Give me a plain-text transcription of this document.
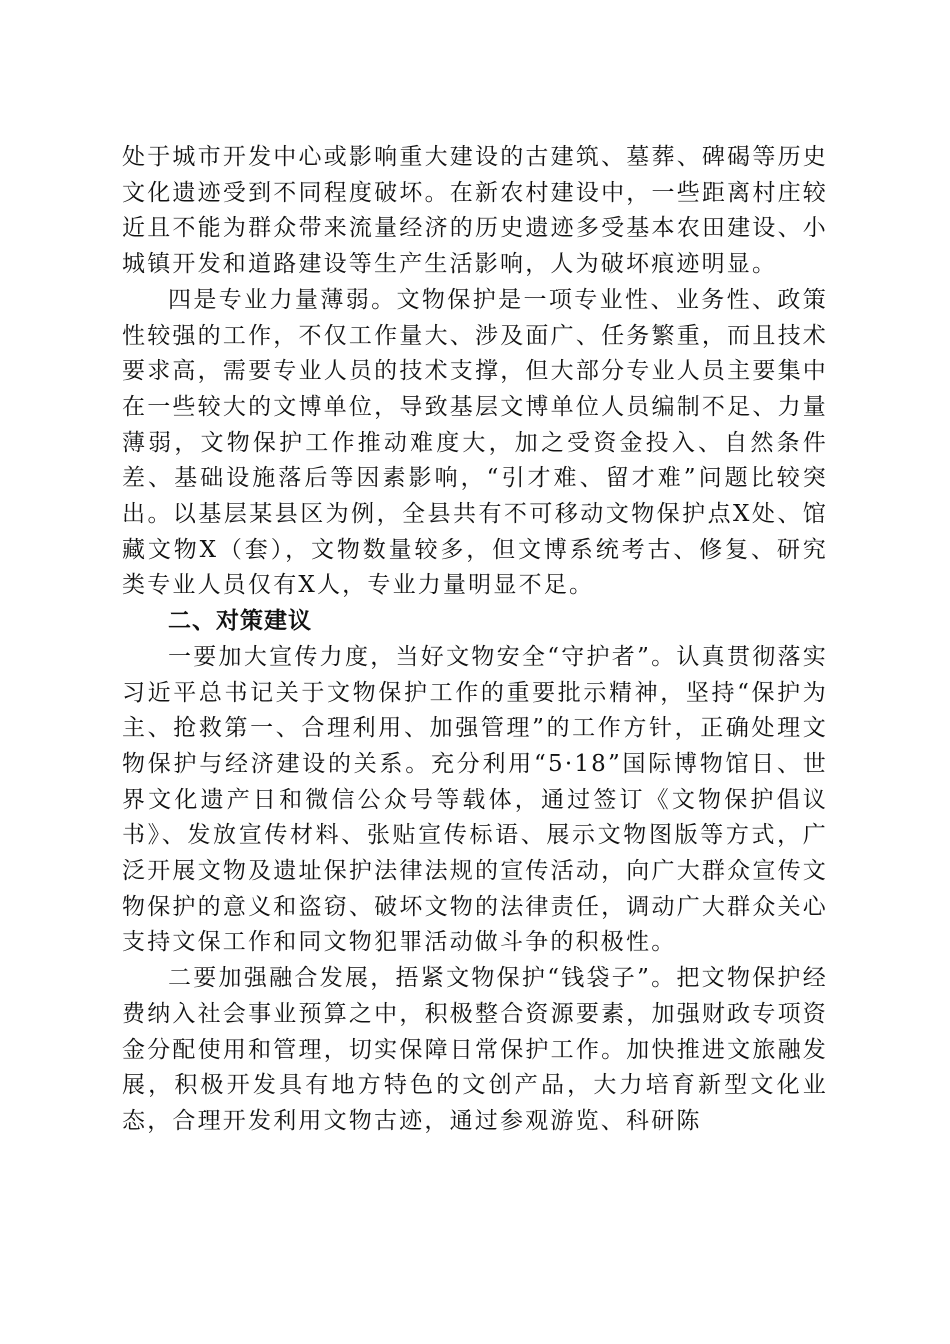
处于城市开发中心或影响重大建设的古建筑、墓葬、碑碣等历史文化遗迹受到不同程度破坏。在新农村建设中，一些距离村庄较近且不能为群众带来流量经济的历史遗迹多受基本农田建设、小城镇开发和道路建设等生产生活影响，人为破坏痕迹明显。

四是专业力量薄弱。文物保护是一项专业性、业务性、政策性较强的工作，不仅工作量大、涉及面广、任务繁重，而且技术要求高，需要专业人员的技术支撑，但大部分专业人员主要集中在一些较大的文博单位，导致基层文博单位人员编制不足、力量薄弱，文物保护工作推动难度大，加之受资金投入、自然条件差、基础设施落后等因素影响，“引才难、留才难”问题比较突出。以基层某县区为例，全县共有不可移动文物保护点X处、馆藏文物X（套），文物数量较多，但文博系统考古、修复、研究类专业人员仅有X人，专业力量明显不足。

二、对策建议

一要加大宣传力度，当好文物安全“守护者”。认真贯彻落实习近平总书记关于文物保护工作的重要批示精神，坚持“保护为主、抢救第一、合理利用、加强管理”的工作方针，正确处理文物保护与经济建设的关系。充分利用“5·18”国际博物馆日、世界文化遗产日和微信公众号等载体，通过签订《文物保护倡议书》、发放宣传材料、张贴宣传标语、展示文物图版等方式，广泛开展文物及遗址保护法律法规的宣传活动，向广大群众宣传文物保护的意义和盗窃、破坏文物的法律责任，调动广大群众关心支持文保工作和同文物犯罪活动做斗争的积极性。

二要加强融合发展，捂紧文物保护“钱袋子”。把文物保护经费纳入社会事业预算之中，积极整合资源要素，加强财政专项资金分配使用和管理，切实保障日常保护工作。加快推进文旅融发展，积极开发具有地方特色的文创产品，大力培育新型文化业态，合理开发利用文物古迹，通过参观游览、科研陈
